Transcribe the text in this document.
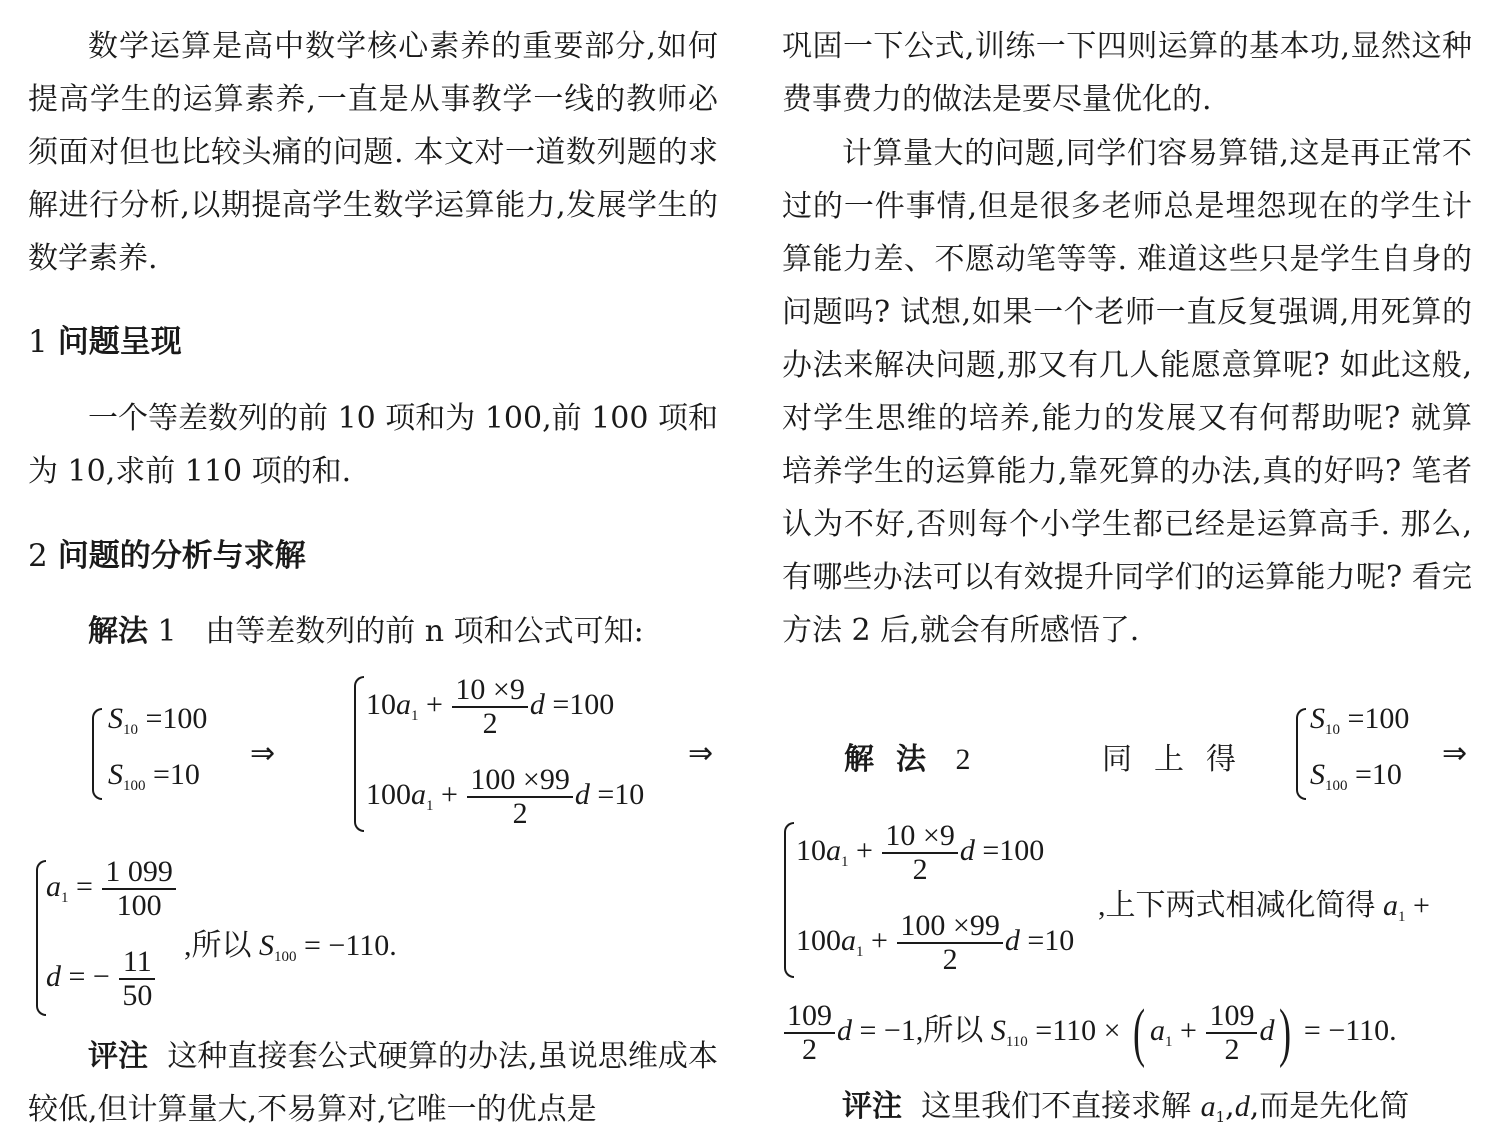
数学运算是高中数学核心素养的重要部分,如何提高学生的运算素养,一直是从事教学一线的教师必须面对但也比较头痛的问题. 本文对一道数列题的求解进行分析,以期提高学生数学运算能力,发展学生的数学素养.

1 问题呈现

一个等差数列的前 10 项和为 100,前 100 项和为 10,求前 110 项的和.

2 问题的分析与求解

解法 1 由等差数列的前 n 项和公式可知:

$S_{10} =100$
$S_{100} =10$
⇒
$10a_1 + \frac{10 \times 9}{2}$ d =100
$100a_1 + \frac{100 \times 99}{2}$ d =10
⇒
$a_1 = \frac{1 099}{100}$
d = − $\frac{11}{50}$
,所以 $S_{100} = -110$.

评注 这种直接套公式硬算的办法,虽说思维成本较低,但计算量大,不易算对,它唯一的优点是

巩固一下公式,训练一下四则运算的基本功,显然这种费事费力的做法是要尽量优化的.

计算量大的问题,同学们容易算错,这是再正常不过的一件事情,但是很多老师总是埋怨现在的学生计算能力差、不愿动笔等等. 难道这些只是学生自身的问题吗? 试想,如果一个老师一直反复强调,用死算的办法来解决问题,那又有几人能愿意算呢? 如此这般,对学生思维的培养,能力的发展又有何帮助呢? 就算培养学生的运算能力,靠死算的办法,真的好吗? 笔者认为不好,否则每个小学生都已经是运算高手. 那么,有哪些办法可以有效提升同学们的运算能力呢? 看完方法 2 后,就会有所感悟了.

解法 2	同上得
$S_{10} =100$
$S_{100} =10$
⇒
$10a_1 + \frac{10 \times 9}{2}$ d =100
$100a_1 + \frac{100 \times 99}{2}$ d =10
,上下两式相减化简得 $a_1$ +
$\frac{109}{2}$ d = −1,所以 $S_{110} =110$ × ( $a_1 + \frac{109}{2} d) = -110$.

评注 这里我们不直接求解 $a_1,d$,而是先化简
